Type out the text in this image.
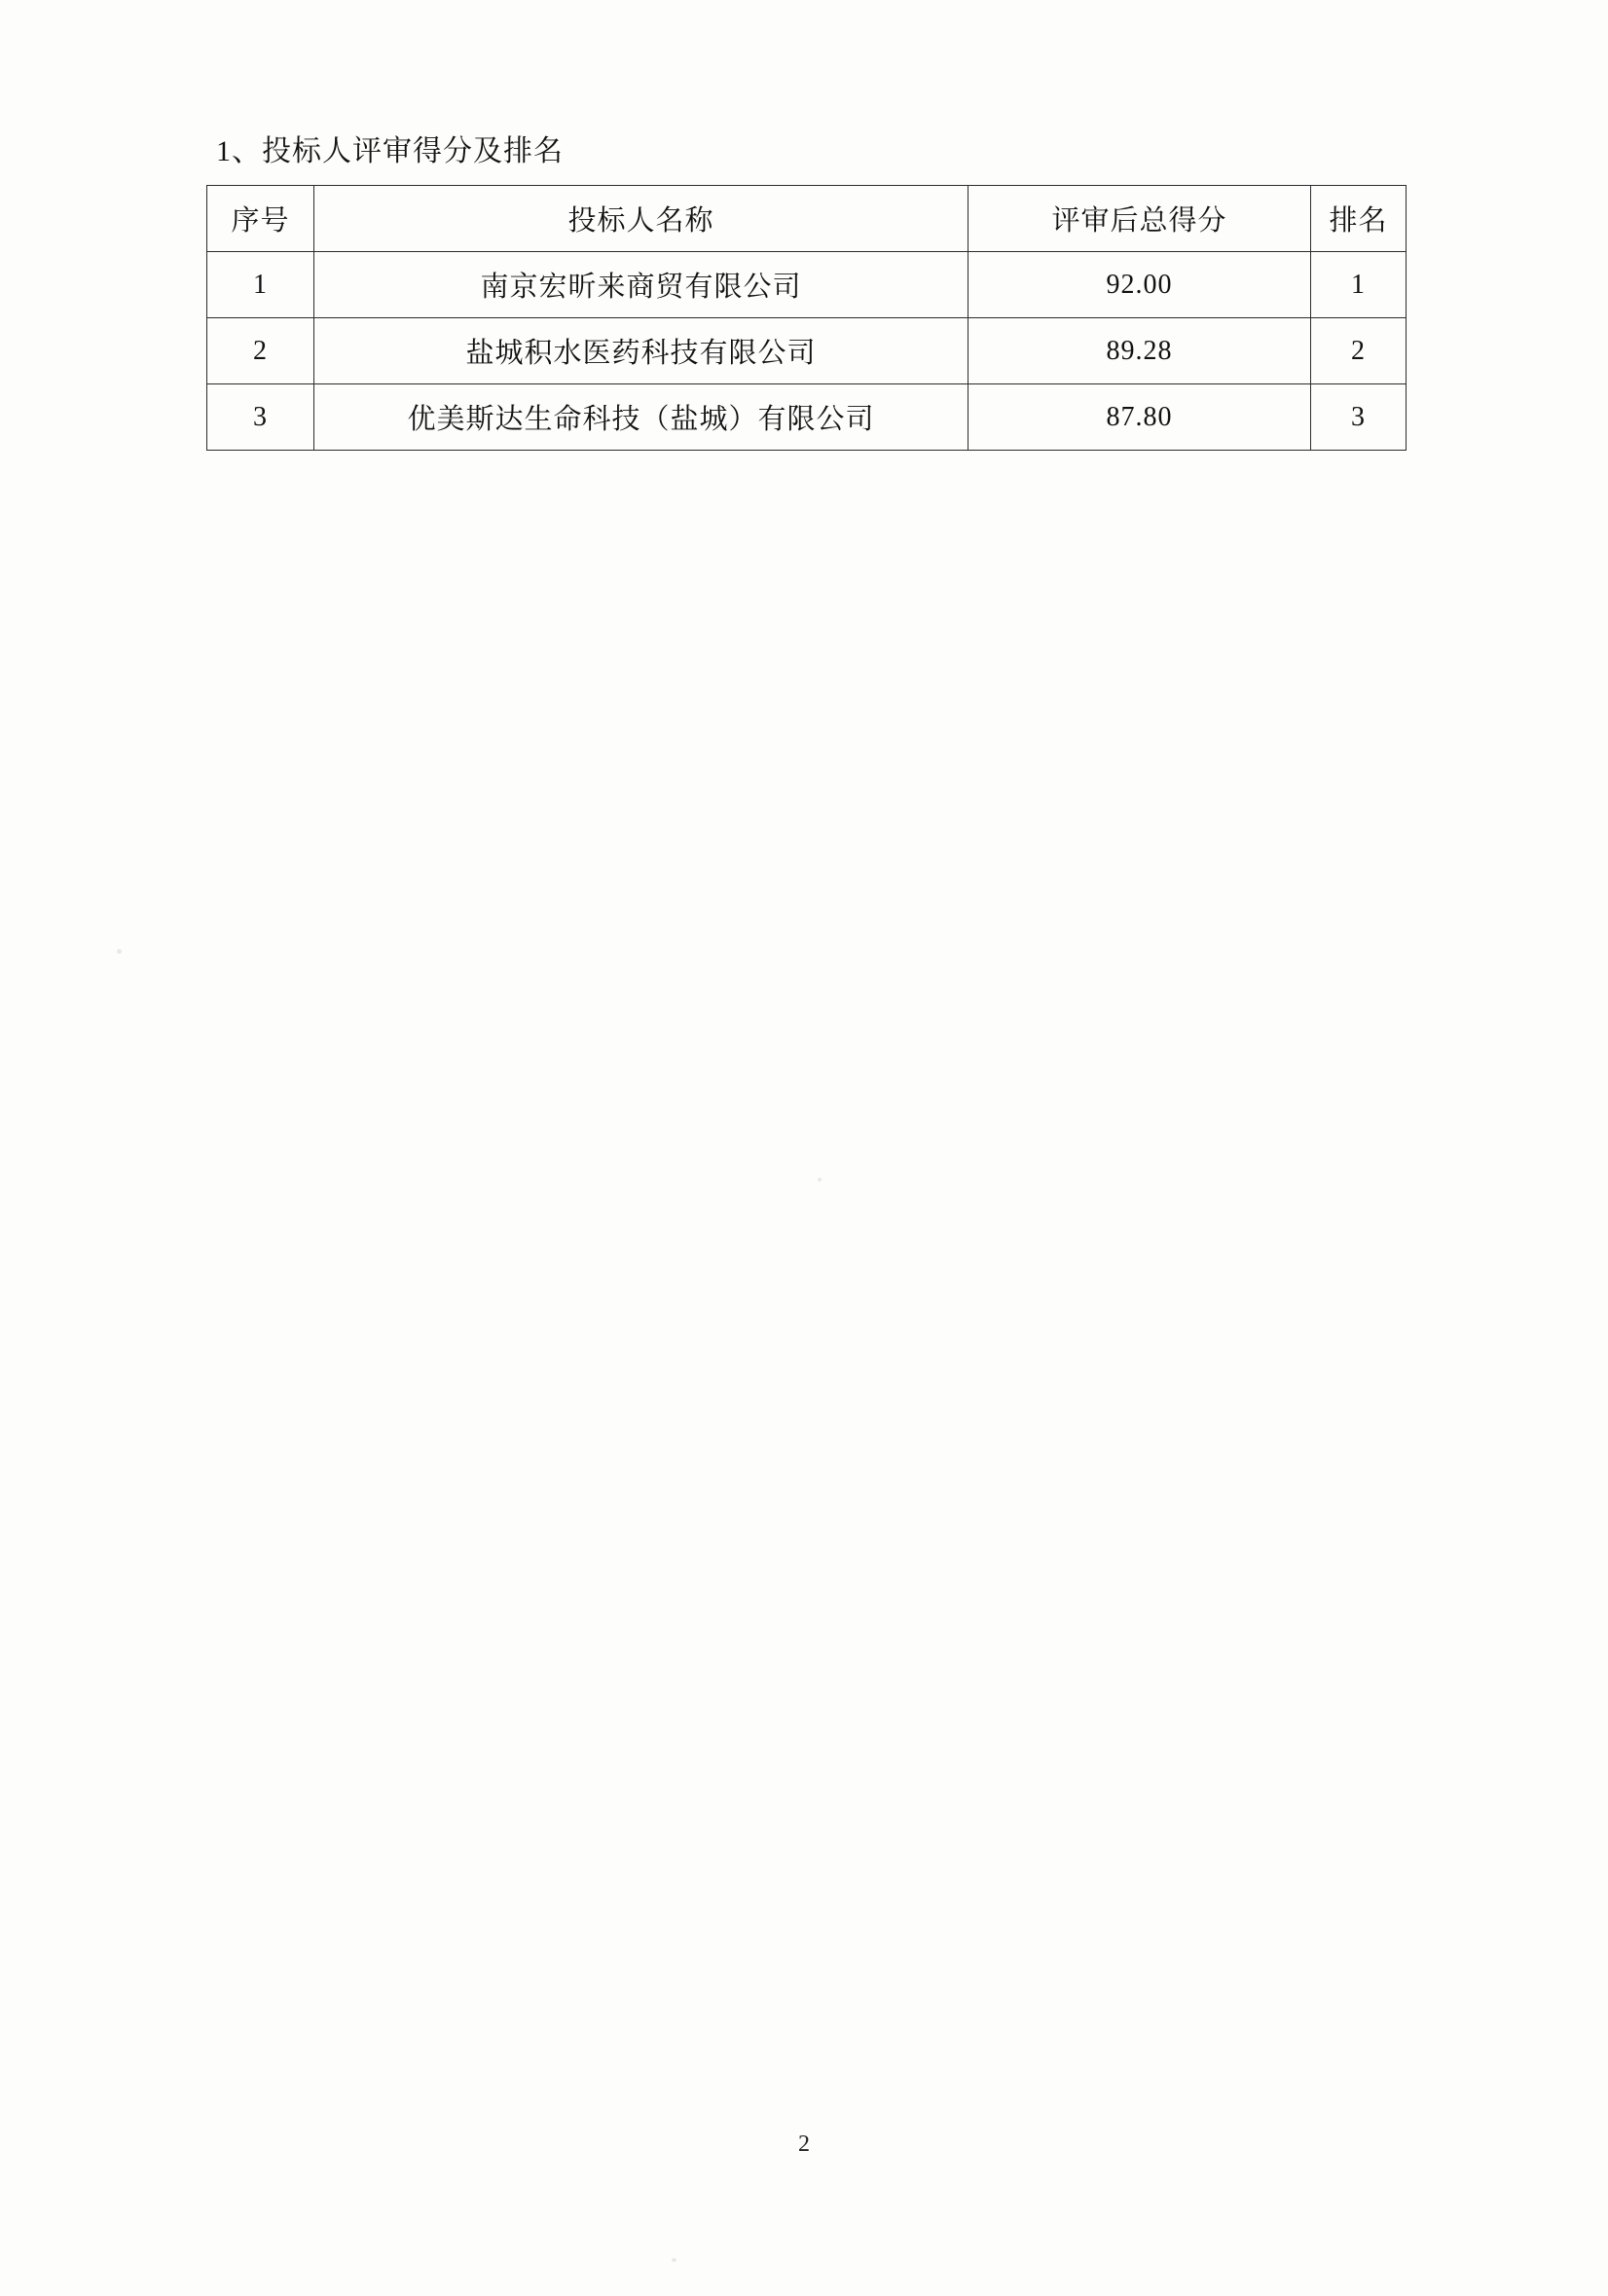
1、投标人评审得分及排名
序号	投标人名称	评审后总得分	排名
1	南京宏昕来商贸有限公司	92.00	1
2	盐城积水医药科技有限公司	89.28	2
3	优美斯达生命科技（盐城）有限公司	87.80	3
2
